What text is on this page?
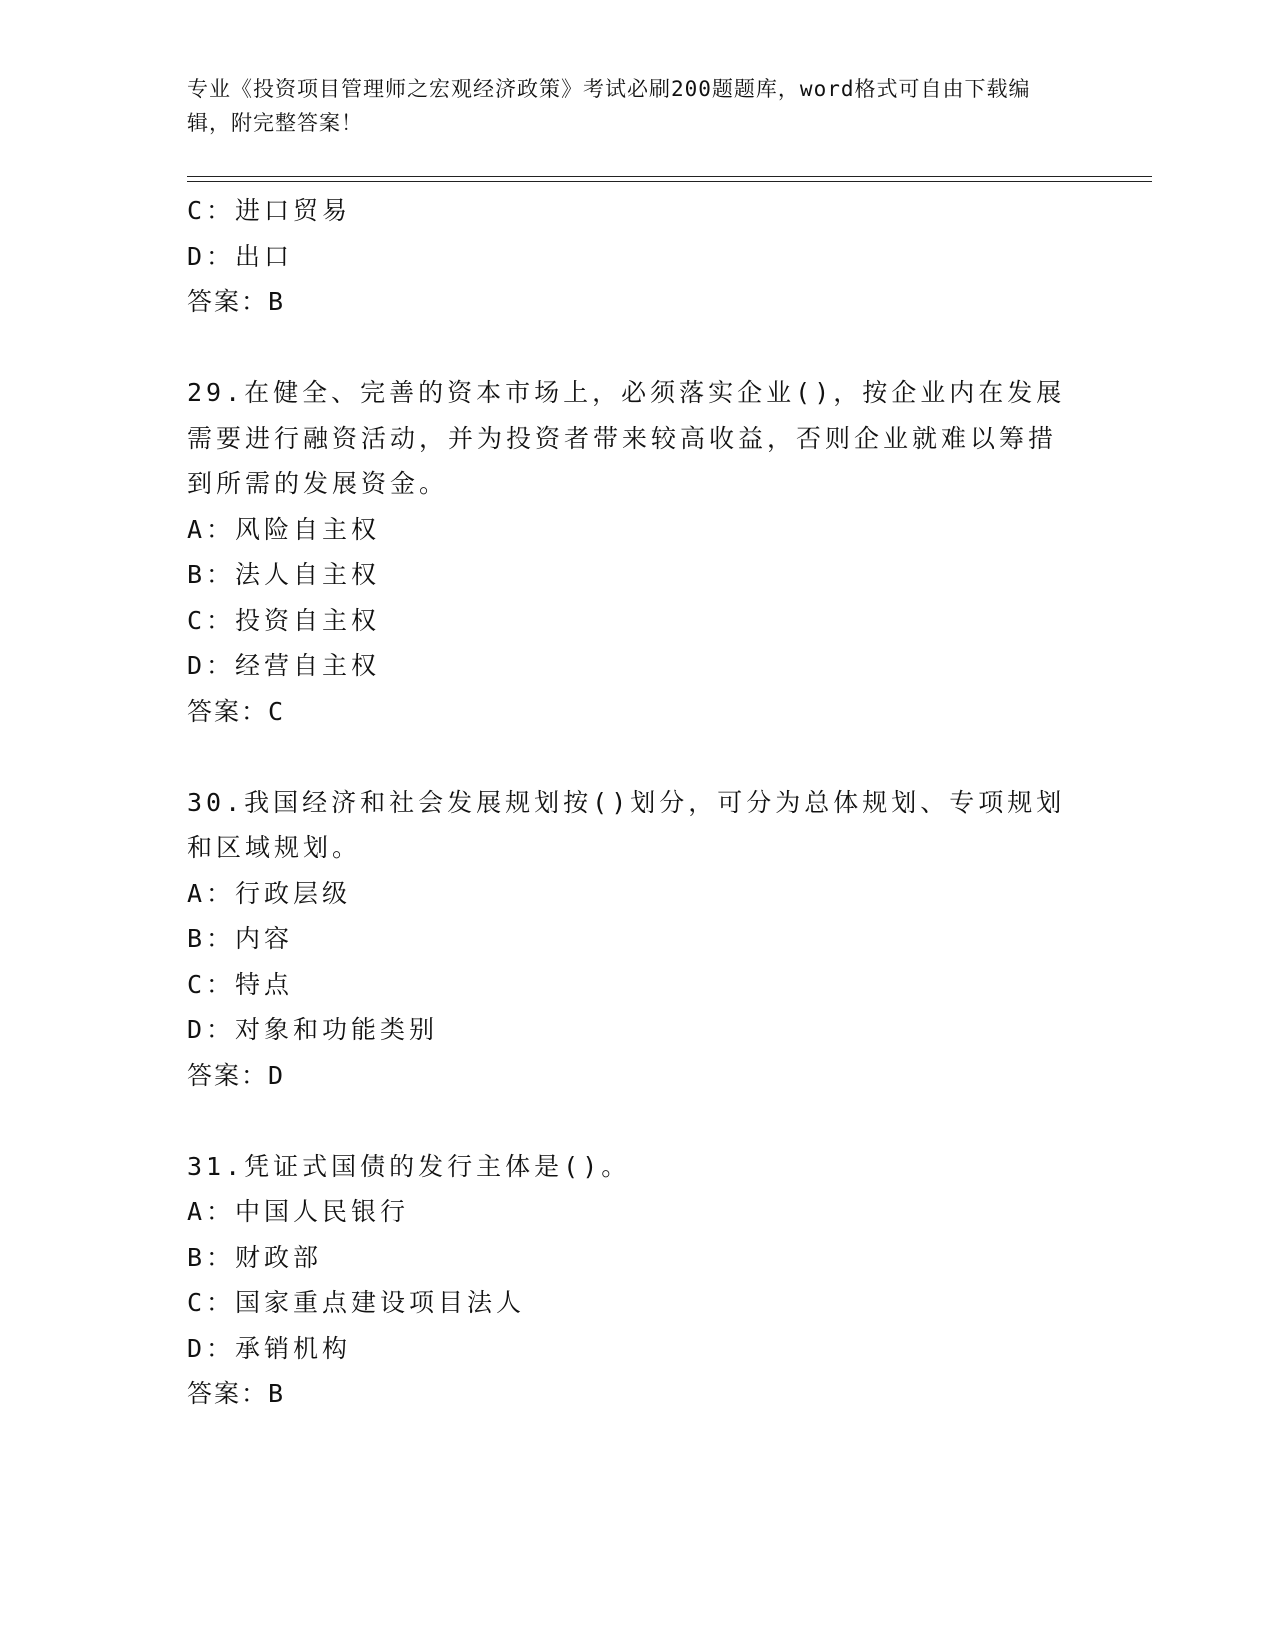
专业《投资项目管理师之宏观经济政策》考试必刷200题题库，word格式可自由下载编辑，附完整答案！
C：进口贸易
D：出口
答案：B
29.在健全、完善的资本市场上，必须落实企业()，按企业内在发展需要进行融资活动，并为投资者带来较高收益，否则企业就难以筹措到所需的发展资金。
A：风险自主权
B：法人自主权
C：投资自主权
D：经营自主权
答案：C
30.我国经济和社会发展规划按()划分，可分为总体规划、专项规划和区域规划。
A：行政层级
B：内容
C：特点
D：对象和功能类别
答案：D
31.凭证式国债的发行主体是()。
A：中国人民银行
B：财政部
C：国家重点建设项目法人
D：承销机构
答案：B
